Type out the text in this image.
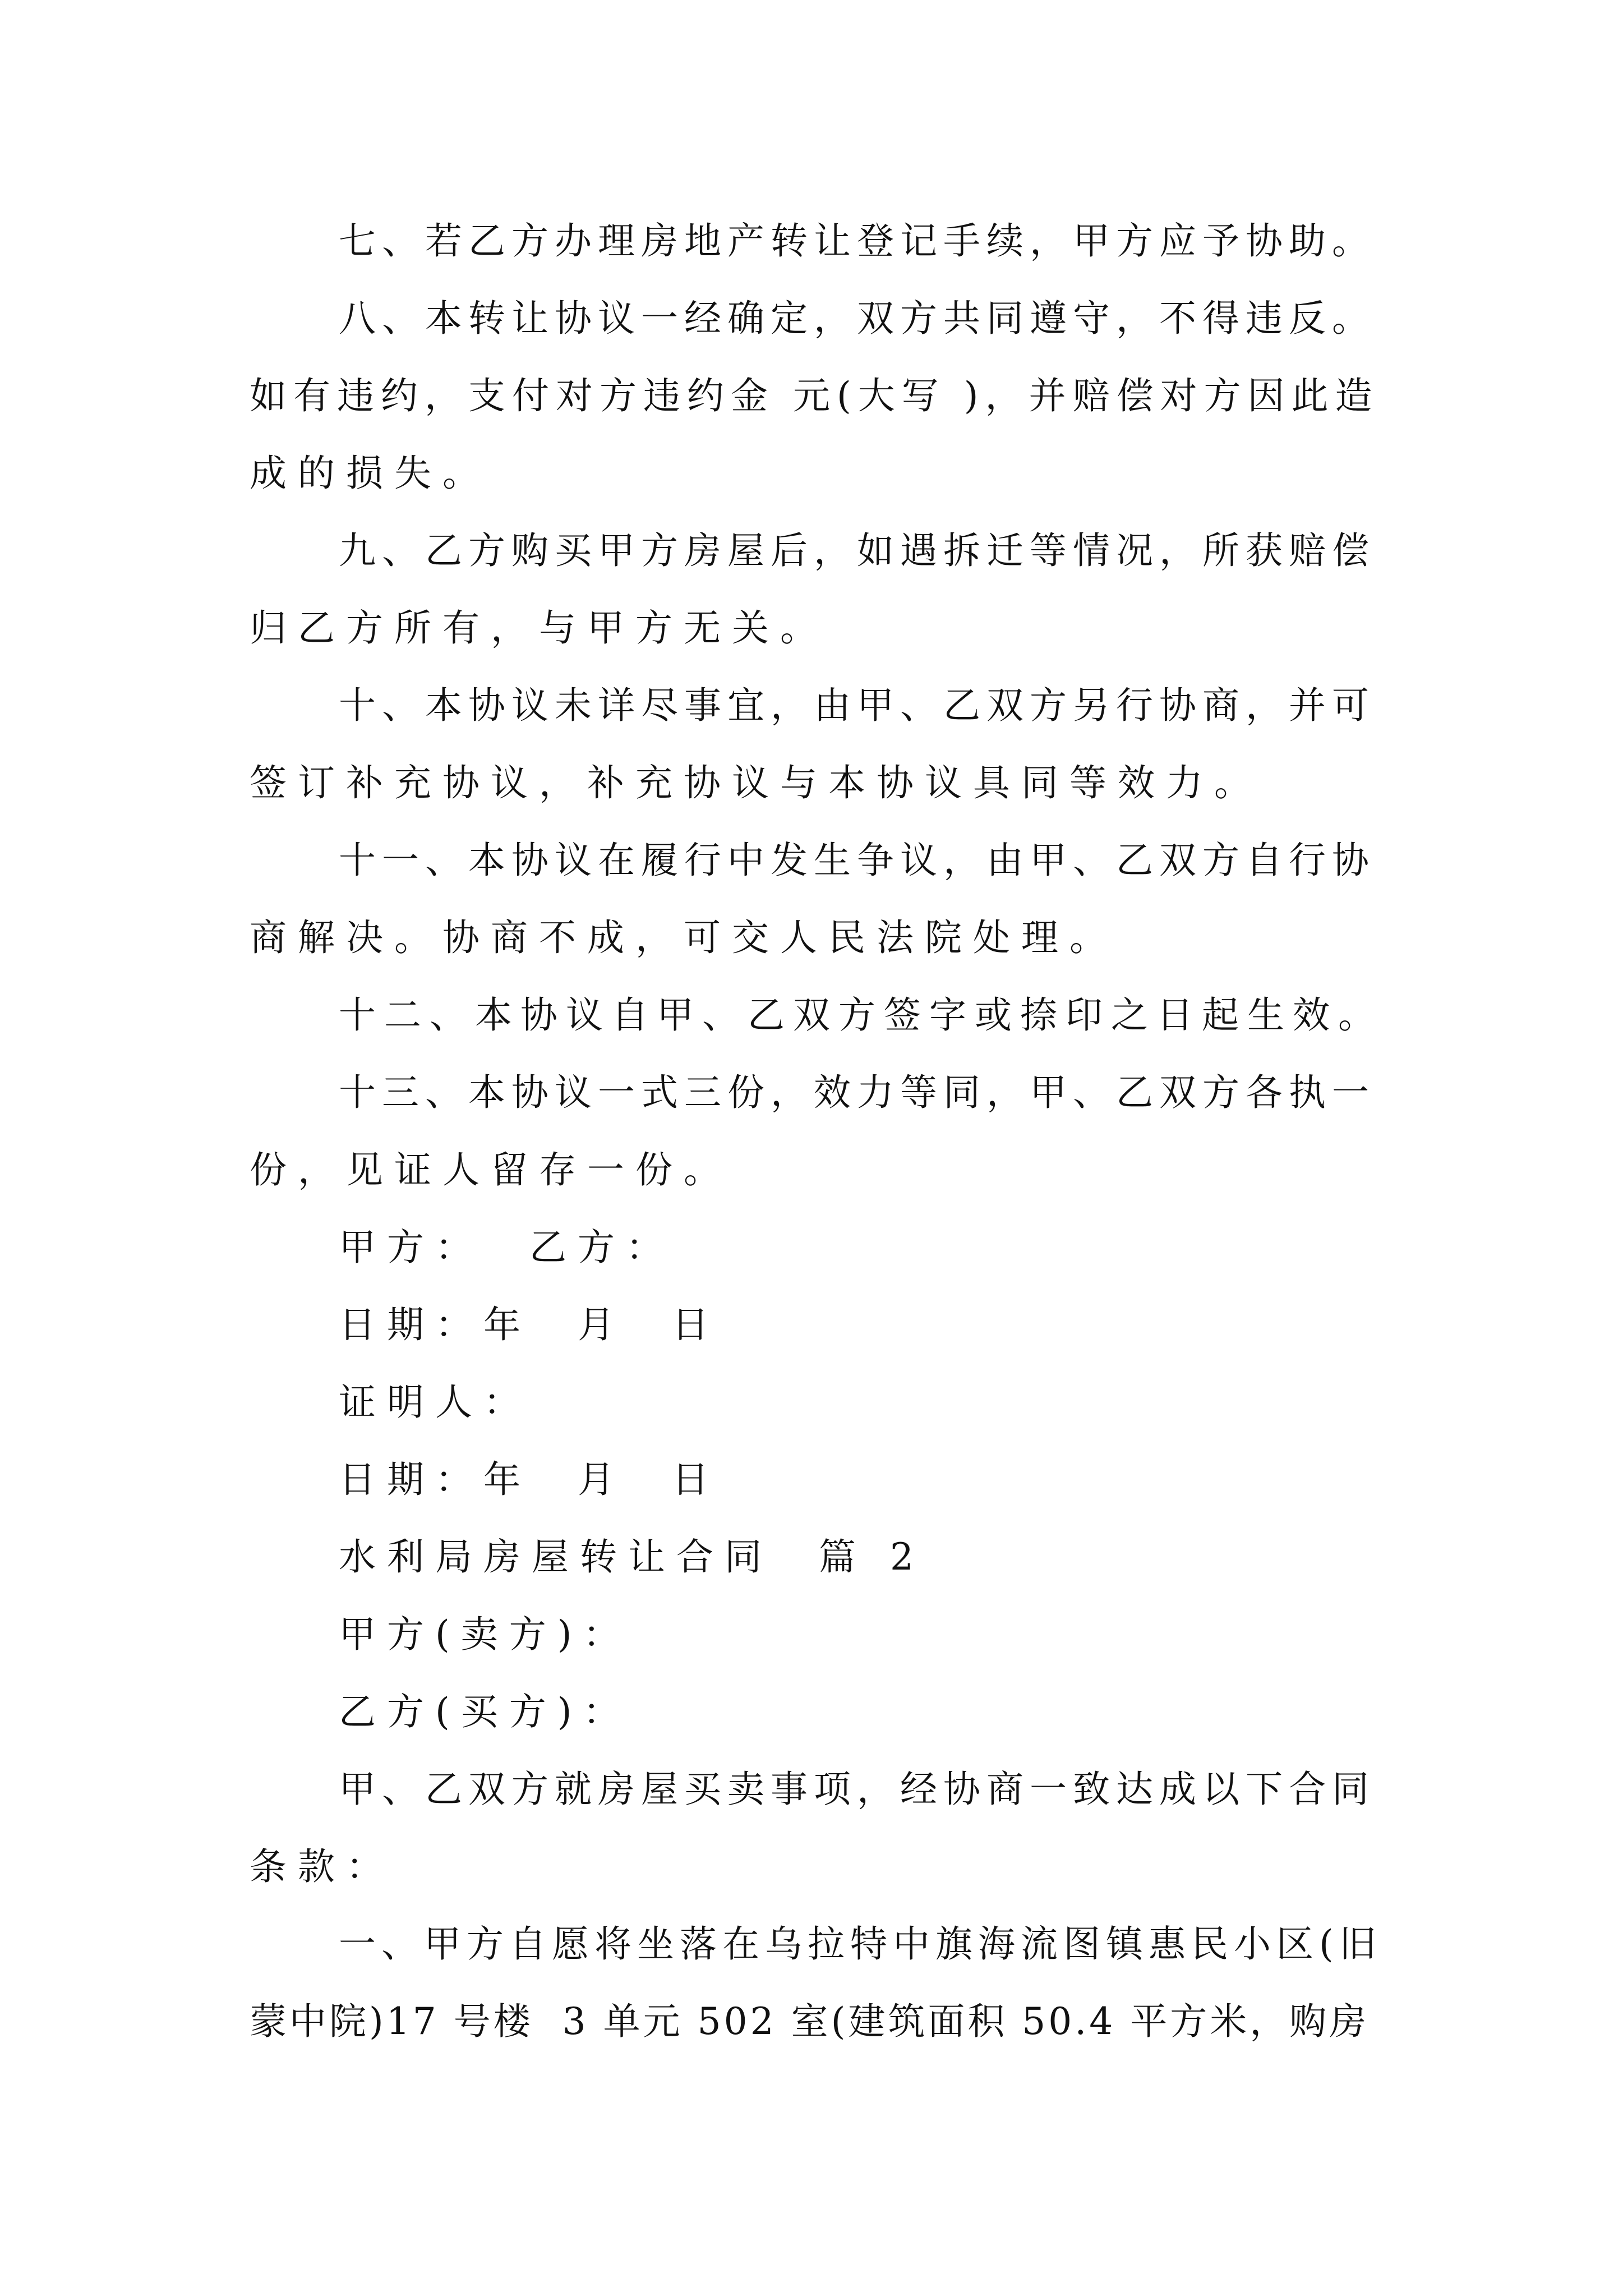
七、若乙方办理房地产转让登记手续，甲方应予协助。

八、本转让协议一经确定，双方共同遵守，不得违反。

如有违约，支付对方违约金 元(大写 )，并赔偿对方因此造

成的损失。

九、乙方购买甲方房屋后，如遇拆迁等情况，所获赔偿

归乙方所有，与甲方无关。

十、本协议未详尽事宜，由甲、乙双方另行协商，并可

签订补充协议，补充协议与本协议具同等效力。

十一、本协议在履行中发生争议，由甲、乙双方自行协

商解决。协商不成，可交人民法院处理。

十二、本协议自甲、乙双方签字或捺印之日起生效。

十三、本协议一式三份，效力等同，甲、乙双方各执一

份，见证人留存一份。

甲方：  乙方：

日期：年  月  日

证明人：

日期：年  月  日

水利局房屋转让合同  篇 2

甲方(卖方)：

乙方(买方)：

甲、乙双方就房屋买卖事项，经协商一致达成以下合同

条款：

一、甲方自愿将坐落在乌拉特中旗海流图镇惠民小区(旧

蒙中院)17 号楼  3 单元 502 室(建筑面积 50.4 平方米，购房
